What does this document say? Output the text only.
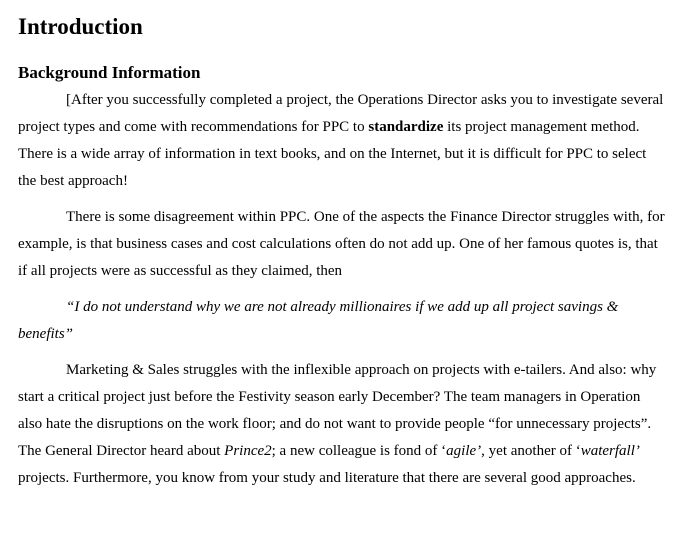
Introduction
Background Information

[After you successfully completed a project, the Operations Director asks you to investigate several project types and come with recommendations for PPC to standardize its project management method. There is a wide array of information in text books, and on the Internet, but it is difficult for PPC to select the best approach!

There is some disagreement within PPC. One of the aspects the Finance Director struggles with, for example, is that business cases and cost calculations often do not add up. One of her famous quotes is, that if all projects were as successful as they claimed, then

“I do not understand why we are not already millionaires if we add up all project savings & benefits”

Marketing & Sales struggles with the inflexible approach on projects with e-tailers. And also: why start a critical project just before the Festivity season early December? The team managers in Operation also hate the disruptions on the work floor; and do not want to provide people “for unnecessary projects”. The General Director heard about Prince2; a new colleague is fond of ‘agile’, yet another of ‘waterfall’ projects. Furthermore, you know from your study and literature that there are several good approaches.
